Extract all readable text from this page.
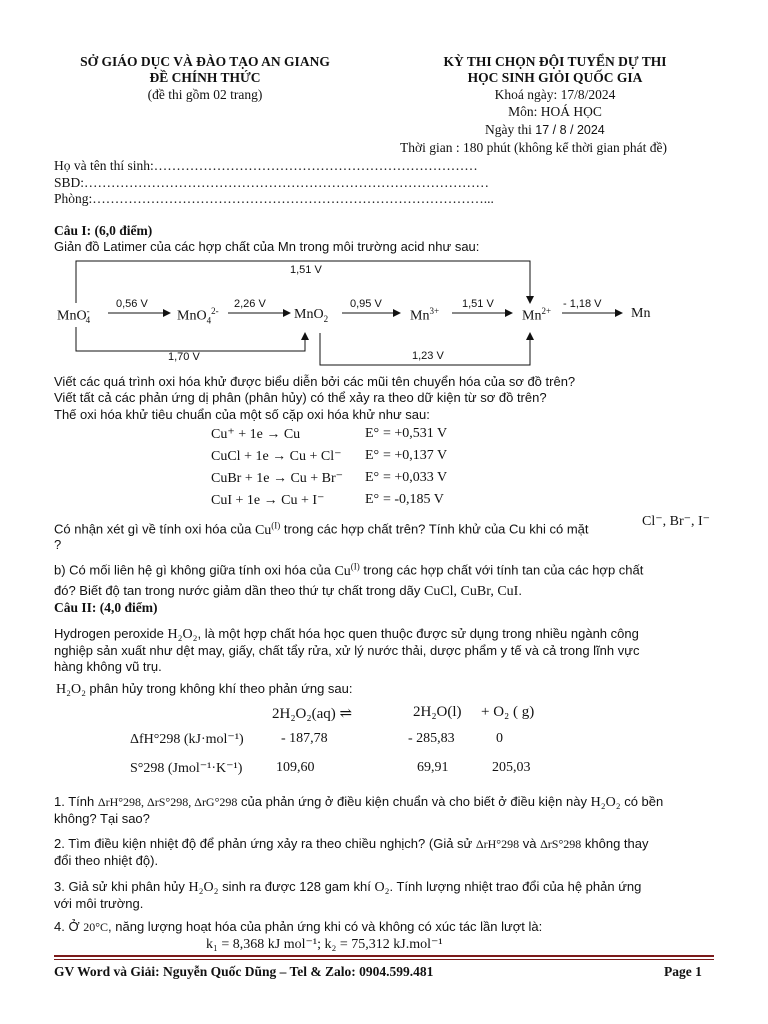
SỞ GIÁO DỤC VÀ ĐÀO TẠO AN GIANG
ĐỀ CHÍNH THỨC
(đề thi gồm 02 trang)
KỲ THI CHỌN ĐỘI TUYỂN DỰ THI
HỌC SINH GIỎI QUỐC GIA
Khoá ngày: 17/8/2024
Môn: HOÁ HỌC
Ngày thi 17 / 8 / 2024
Thời gian : 180 phút (không kể thời gian phát đề)
Họ và tên thí sinh:………………………………………………………………
SBD:………………………………………………………………………………
Phòng:……………………………………………………………………………...
Câu I: (6,0 điểm)
Giản đồ Latimer của các hợp chất của Mn trong môi trường acid như sau:
1,51 V
0,56 V	2,26 V	0,95 V	1,51 V	- 1,18 V
1,70 V	1,23 V
MnO-$_4$	MnO$_4^{2-}$	MnO$_2$	$Mn^{3+}$	$Mn^{2+}$	Mn
Viết các quá trình oxi hóa khử được biểu diễn bởi các mũi tên chuyển hóa của sơ đồ trên?
Viết tất cả các phản ứng dị phân (phân hủy) có thể xảy ra theo dữ kiện từ sơ đồ trên?
Thế oxi hóa khử tiêu chuẩn của một số cặp oxi hóa khử như sau:
Cu⁺ + 1e → Cu	E° = +0,531 V
CuCl + 1e → Cu + Cl⁻ E° = +0,137 V
CuBr + 1e → Cu + Br⁻ E° = +0,033 V
CuI + 1e → Cu + I⁻	E° = -0,185 V
Có nhận xét gì về tính oxi hóa của $Cu^{(I)}$ trong các hợp chất trên? Tính khử của Cu khi có mặt
Cl⁻, Br⁻, I⁻
?
b) Có mối liên hệ gì không giữa tính oxi hóa của $Cu^{(I)}$ trong các hợp chất với tính tan của các hợp chất
đó? Biết độ tan trong nước giảm dần theo thứ tự chất trong dãy CuCl, CuBr, CuI.
Câu II: (4,0 điểm)
Hydrogen peroxide H₂O₂, là một hợp chất hóa học quen thuộc được sử dụng trong nhiều ngành công
nghiệp sản xuất như dệt may, giấy, chất tẩy rửa, xử lý nước thải, dược phẩm y tế và cả trong lĩnh vực
hàng không vũ trụ.
H₂O₂ phân hủy trong không khí theo phản ứng sau:
2H₂O₂(aq) ⇌	2H₂O(l) + O₂ ( g)
ΔfH°298 (kJ·mol⁻¹)	- 187,78	- 285,83	0
S°298 (Jmol⁻¹·K⁻¹) 109,60	69,91	205,03
1. Tính ΔrH°298, ΔrS°298, ΔrG°298 của phản ứng ở điều kiện chuẩn và cho biết ở điều kiện này H₂O₂ có bền
không? Tại sao?
2. Tìm điều kiện nhiệt độ để phản ứng xảy ra theo chiều nghịch? (Giả sử ΔrH°298 và ΔrS°298 không thay
đổi theo nhiệt độ).
3. Giả sử khi phân hủy H₂O₂ sinh ra được 128 gam khí O₂. Tính lượng nhiệt trao đổi của hệ phản ứng
với môi trường.
4. Ở 20°C, năng lượng hoạt hóa của phản ứng khi có và không có xúc tác lần lượt là:
k₁ = 8,368 kJ mol⁻¹; k₂ = 75,312 kJ.mol⁻¹
GV Word và Giải: Nguyễn Quốc Dũng – Tel & Zalo: 0904.599.481	Page 1
